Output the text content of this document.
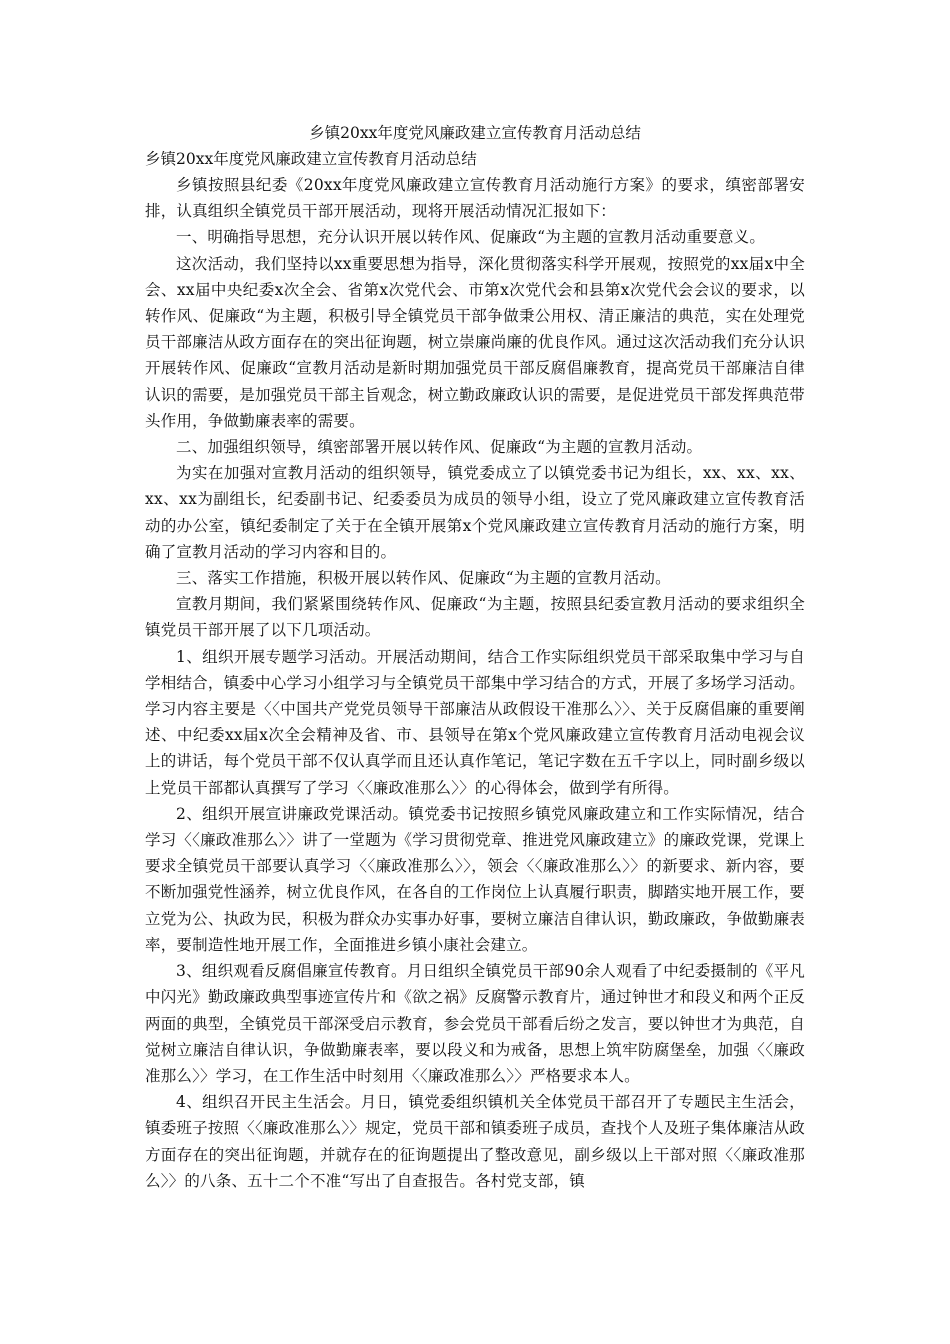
乡镇20xx年度党风廉政建立宣传教育月活动总结

乡镇20xx年度党风廉政建立宣传教育月活动总结

乡镇按照县纪委《20xx年度党风廉政建立宣传教育月活动施行方案》的要求，缜密部署安排，认真组织全镇党员干部开展活动，现将开展活动情况汇报如下：

一、明确指导思想，充分认识开展以转作风、促廉政“为主题的宣教月活动重要意义。

这次活动，我们坚持以xx重要思想为指导，深化贯彻落实科学开展观，按照党的xx届x中全会、xx届中央纪委x次全会、省第x次党代会、市第x次党代会和县第x次党代会会议的要求，以转作风、促廉政“为主题，积极引导全镇党员干部争做秉公用权、清正廉洁的典范，实在处理党员干部廉洁从政方面存在的突出征询题，树立崇廉尚廉的优良作风。通过这次活动我们充分认识开展转作风、促廉政“宣教月活动是新时期加强党员干部反腐倡廉教育，提高党员干部廉洁自律认识的需要，是加强党员干部主旨观念，树立勤政廉政认识的需要，是促进党员干部发挥典范带头作用，争做勤廉表率的需要。

二、加强组织领导，缜密部署开展以转作风、促廉政“为主题的宣教月活动。

为实在加强对宣教月活动的组织领导，镇党委成立了以镇党委书记为组长，xx、xx、xx、xx、xx为副组长，纪委副书记、纪委委员为成员的领导小组，设立了党风廉政建立宣传教育活动的办公室，镇纪委制定了关于在全镇开展第x个党风廉政建立宣传教育月活动的施行方案，明确了宣教月活动的学习内容和目的。

三、落实工作措施，积极开展以转作风、促廉政“为主题的宣教月活动。

宣教月期间，我们紧紧围绕转作风、促廉政“为主题，按照县纪委宣教月活动的要求组织全镇党员干部开展了以下几项活动。

1、组织开展专题学习活动。开展活动期间，结合工作实际组织党员干部采取集中学习与自学相结合，镇委中心学习小组学习与全镇党员干部集中学习结合的方式，开展了多场学习活动。学习内容主要是〈〈中国共产党党员领导干部廉洁从政假设干准那么〉〉、关于反腐倡廉的重要阐述、中纪委xx届x次全会精神及省、市、县领导在第x个党风廉政建立宣传教育月活动电视会议上的讲话，每个党员干部不仅认真学而且还认真作笔记，笔记字数在五千字以上，同时副乡级以上党员干部都认真撰写了学习〈〈廉政准那么〉〉的心得体会，做到学有所得。

2、组织开展宣讲廉政党课活动。镇党委书记按照乡镇党风廉政建立和工作实际情况，结合学习〈〈廉政准那么〉〉讲了一堂题为《学习贯彻党章、推进党风廉政建立》的廉政党课，党课上要求全镇党员干部要认真学习〈〈廉政准那么〉〉，领会〈〈廉政准那么〉〉的新要求、新内容，要不断加强党性涵养，树立优良作风，在各自的工作岗位上认真履行职责，脚踏实地开展工作，要立党为公、执政为民，积极为群众办实事办好事，要树立廉洁自律认识，勤政廉政，争做勤廉表率，要制造性地开展工作，全面推进乡镇小康社会建立。

3、组织观看反腐倡廉宣传教育。月日组织全镇党员干部90余人观看了中纪委摄制的《平凡中闪光》勤政廉政典型事迹宣传片和《欲之祸》反腐警示教育片，通过钟世才和段义和两个正反两面的典型，全镇党员干部深受启示教育，参会党员干部看后纷之发言，要以钟世才为典范，自觉树立廉洁自律认识，争做勤廉表率，要以段义和为戒备，思想上筑牢防腐堡垒，加强〈〈廉政准那么〉〉学习，在工作生活中时刻用〈〈廉政准那么〉〉严格要求本人。

4、组织召开民主生活会。月日，镇党委组织镇机关全体党员干部召开了专题民主生活会，镇委班子按照〈〈廉政准那么〉〉规定，党员干部和镇委班子成员，查找个人及班子集体廉洁从政方面存在的突出征询题，并就存在的征询题提出了整改意见，副乡级以上干部对照〈〈廉政准那么〉〉的八条、五十二个不准“写出了自查报告。各村党支部，镇
